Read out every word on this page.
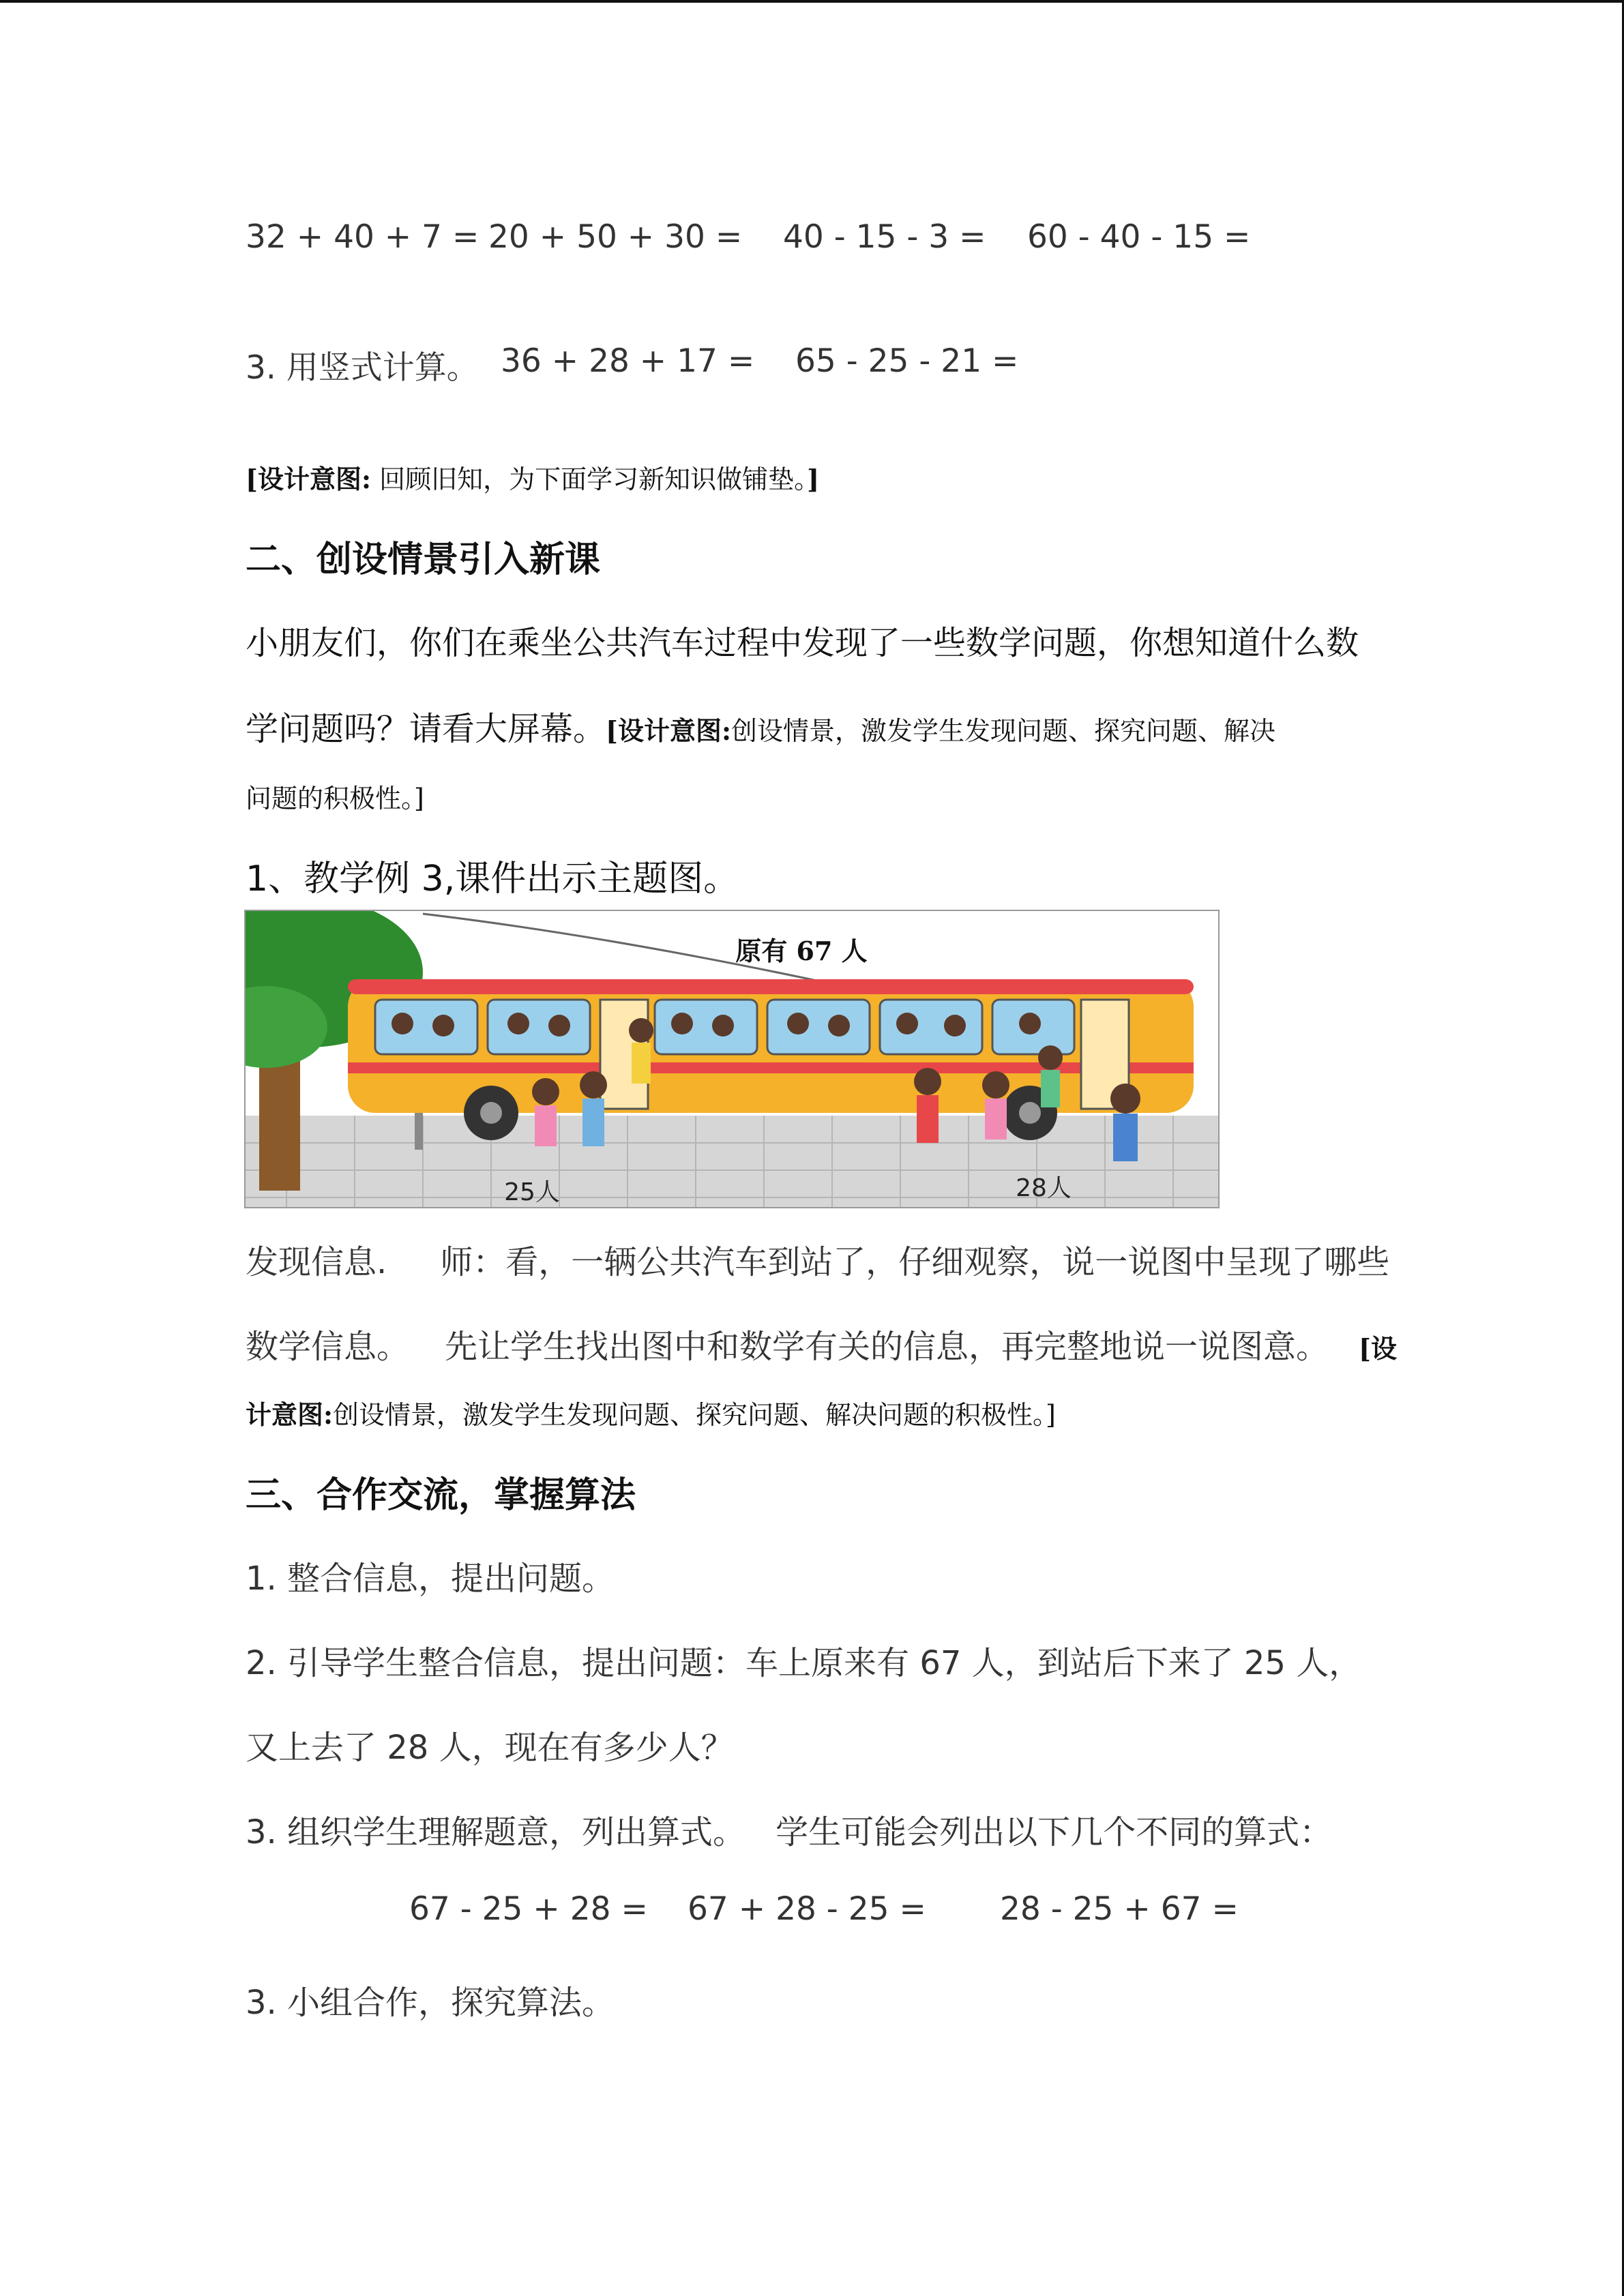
32 + 40 + 7 = 20 + 50 + 30 = 40 - 15 - 3 = 60 - 40 - 15 =
3. 用竖式计算。 36 + 28 + 17 = 65 - 25 - 21 =
[设计意图: 回顾旧知，为下面学习新知识做铺垫。]
二、创设情景引入新课
小朋友们，你们在乘坐公共汽车过程中发现了一些数学问题，你想知道什么数
学问题吗？请看大屏幕。[设计意图:创设情景，激发学生发现问题、探究问题、解决
问题的积极性。]
1、教学例 3,课件出示主题图。
原有 67 人
25人	28人
发现信息. 师：看，一辆公共汽车到站了，仔细观察，说一说图中呈现了哪些
数学信息。 先让学生找出图中和数学有关的信息，再完整地说一说图意。 [设
计意图:创设情景，激发学生发现问题、探究问题、解决问题的积极性。]
三、合作交流，掌握算法
1. 整合信息，提出问题。
2. 引导学生整合信息，提出问题：车上原来有 67 人，到站后下来了 25 人，
又上去了 28 人，现在有多少人？
3. 组织学生理解题意，列出算式。 学生可能会列出以下几个不同的算式：
67 - 25 + 28 = 67 + 28 - 25 = 28 - 25 + 67 =
3. 小组合作，探究算法。
